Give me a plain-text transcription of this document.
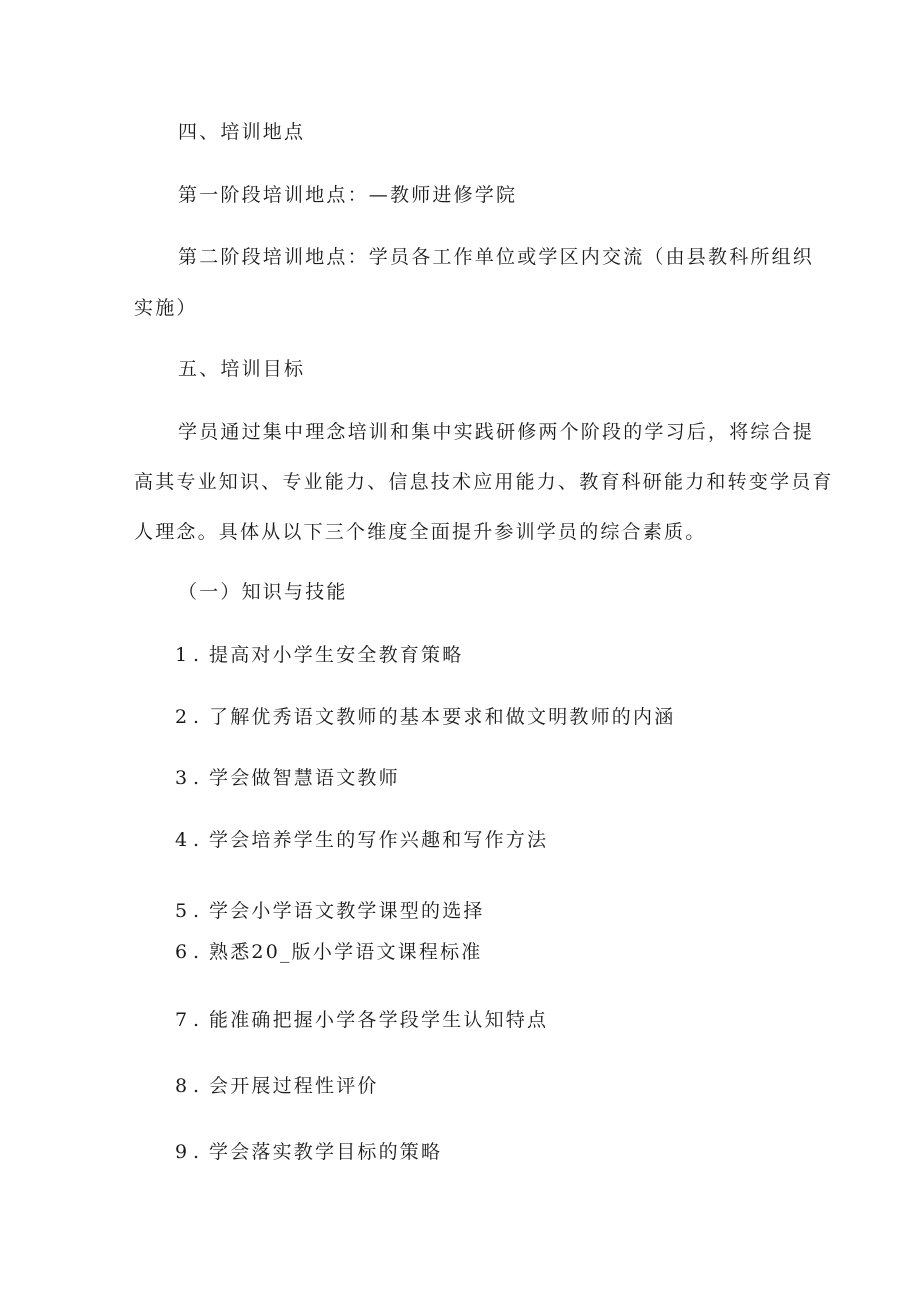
四、培训地点
第一阶段培训地点：—教师进修学院
第二阶段培训地点：学员各工作单位或学区内交流（由县教科所组织
实施）
五、培训目标
学员通过集中理念培训和集中实践研修两个阶段的学习后，将综合提
高其专业知识、专业能力、信息技术应用能力、教育科研能力和转变学员育
人理念。具体从以下三个维度全面提升参训学员的综合素质。
（一）知识与技能
1 . 提高对小学生安全教育策略
2 . 了解优秀语文教师的基本要求和做文明教师的内涵
3 . 学会做智慧语文教师
4 . 学会培养学生的写作兴趣和写作方法
5 . 学会小学语文教学课型的选择
6 . 熟悉20_版小学语文课程标准
7 . 能准确把握小学各学段学生认知特点
8 . 会开展过程性评价
9 . 学会落实教学目标的策略
